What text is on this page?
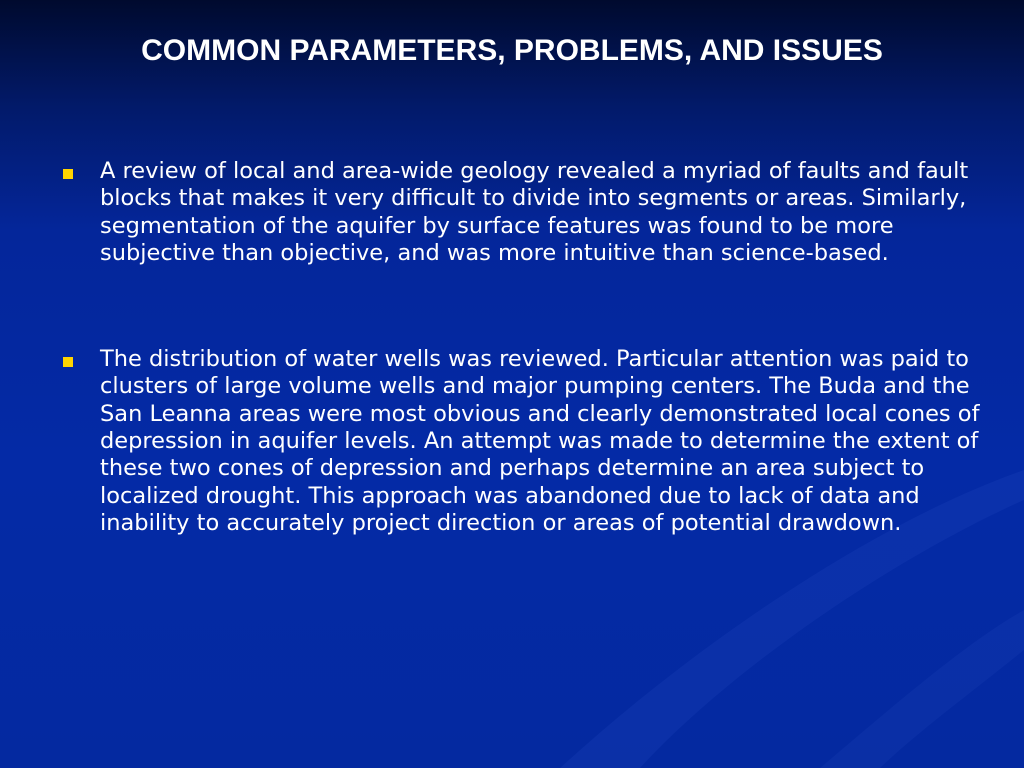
COMMON PARAMETERS, PROBLEMS, AND ISSUES
A review of local and area-wide geology revealed a myriad of faults and fault blocks that makes it very difficult to divide into segments or areas. Similarly, segmentation of the aquifer by surface features was found to be more subjective than objective, and was more intuitive than science-based.
The distribution of water wells was reviewed. Particular attention was paid to clusters of large volume wells and major pumping centers. The Buda and the San Leanna areas were most obvious and clearly demonstrated local cones of depression in aquifer levels. An attempt was made to determine the extent of these two cones of depression and perhaps determine an area subject to localized drought. This approach was abandoned due to lack of data and inability to accurately project direction or areas of potential drawdown.
